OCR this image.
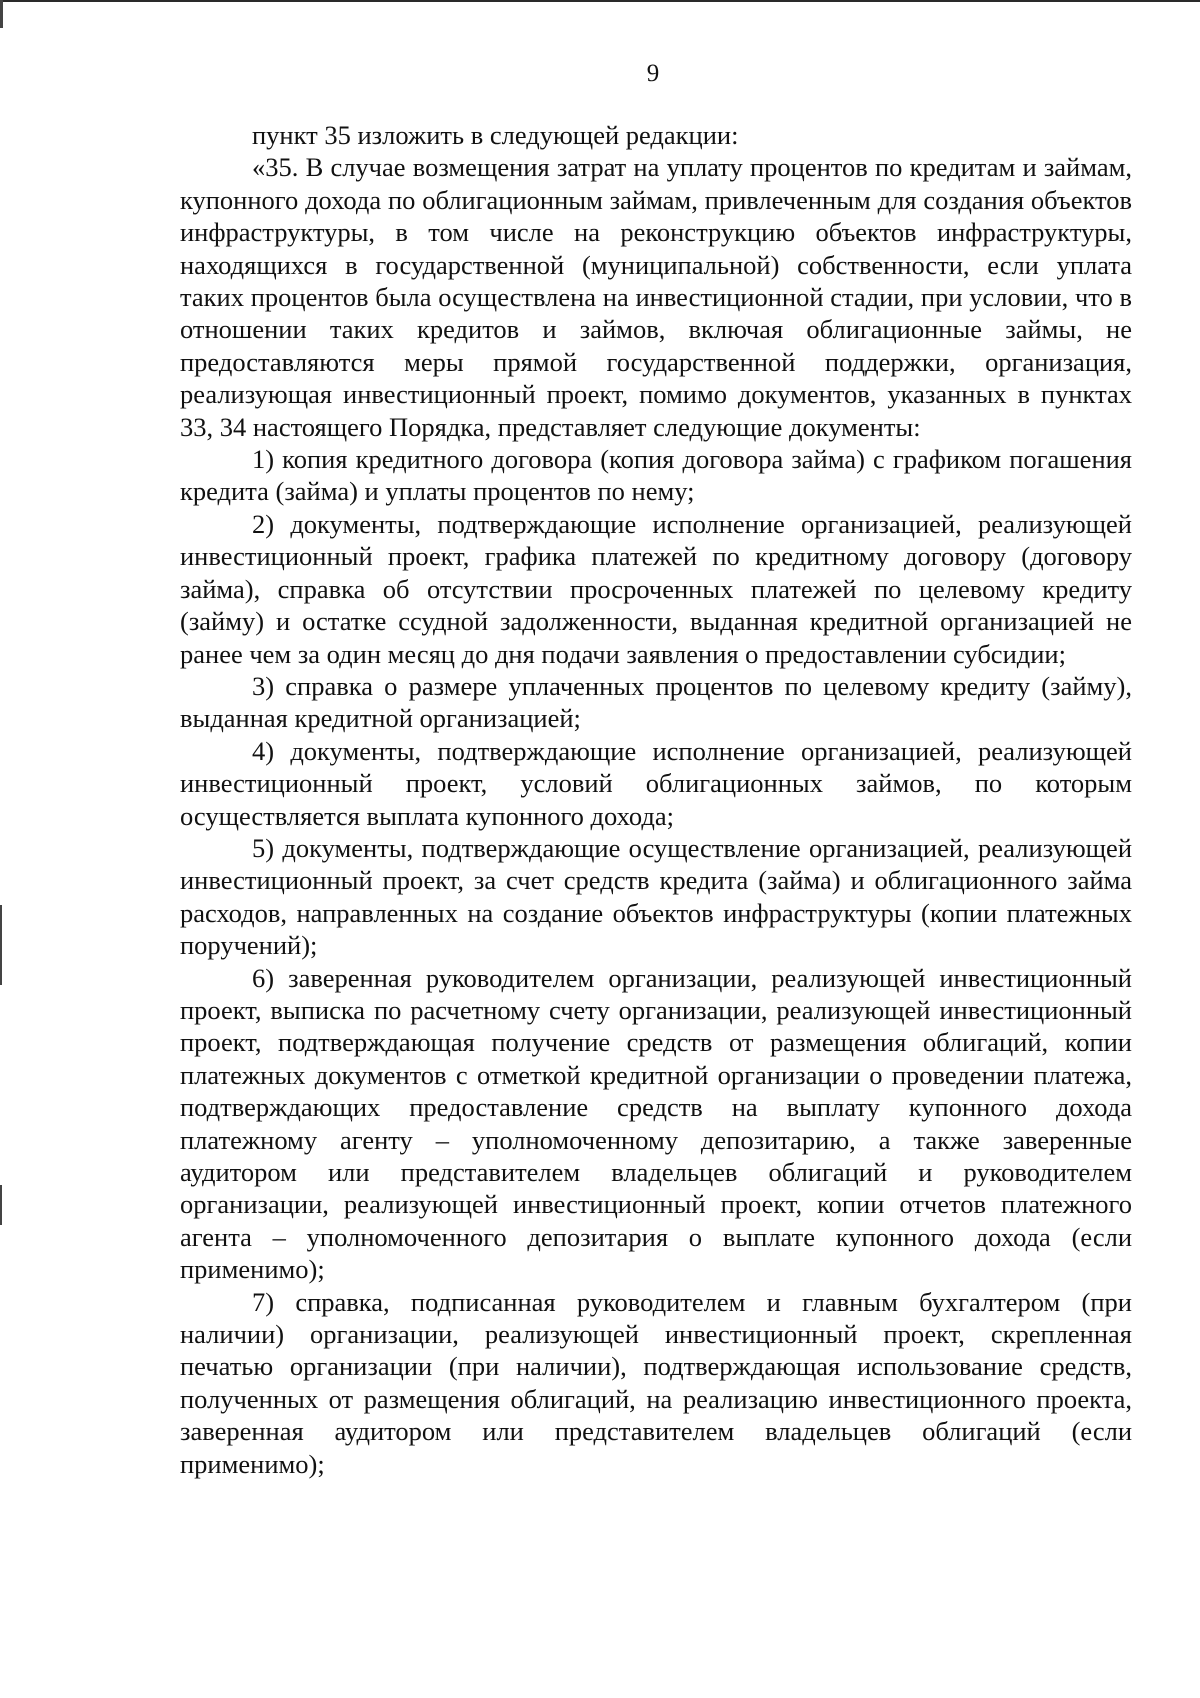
9

пункт 35 изложить в следующей редакции:

«35. В случае возмещения затрат на уплату процентов по кредитам и займам, купонного дохода по облигационным займам, привлеченным для создания объектов инфраструктуры, в том числе на реконструкцию объектов инфраструктуры, находящихся в государственной (муниципальной) собственности, если уплата таких процентов была осуществлена на инвестиционной стадии, при условии, что в отношении таких кредитов и займов, включая облигационные займы, не предоставляются меры прямой государственной поддержки, организация, реализующая инвестиционный проект, помимо документов, указанных в пунктах 33, 34 настоящего Порядка, представляет следующие документы:

1) копия кредитного договора (копия договора займа) с графиком погашения кредита (займа) и уплаты процентов по нему;

2) документы, подтверждающие исполнение организацией, реализующей инвестиционный проект, графика платежей по кредитному договору (договору займа), справка об отсутствии просроченных платежей по целевому кредиту (займу) и остатке ссудной задолженности, выданная кредитной организацией не ранее чем за один месяц до дня подачи заявления о предоставлении субсидии;

3) справка о размере уплаченных процентов по целевому кредиту (займу), выданная кредитной организацией;

4) документы, подтверждающие исполнение организацией, реализующей инвестиционный проект, условий облигационных займов, по которым осуществляется выплата купонного дохода;

5) документы, подтверждающие осуществление организацией, реализующей инвестиционный проект, за счет средств кредита (займа) и облигационного займа расходов, направленных на создание объектов инфраструктуры (копии платежных поручений);

6) заверенная руководителем организации, реализующей инвестиционный проект, выписка по расчетному счету организации, реализующей инвестиционный проект, подтверждающая получение средств от размещения облигаций, копии платежных документов с отметкой кредитной организации о проведении платежа, подтверждающих предоставление средств на выплату купонного дохода платежному агенту – уполномоченному депозитарию, а также заверенные аудитором или представителем владельцев облигаций и руководителем организации, реализующей инвестиционный проект, копии отчетов платежного агента – уполномоченного депозитария о выплате купонного дохода (если применимо);

7) справка, подписанная руководителем и главным бухгалтером (при наличии) организации, реализующей инвестиционный проект, скрепленная печатью организации (при наличии), подтверждающая использование средств, полученных от размещения облигаций, на реализацию инвестиционного проекта, заверенная аудитором или представителем владельцев облигаций (если применимо);
